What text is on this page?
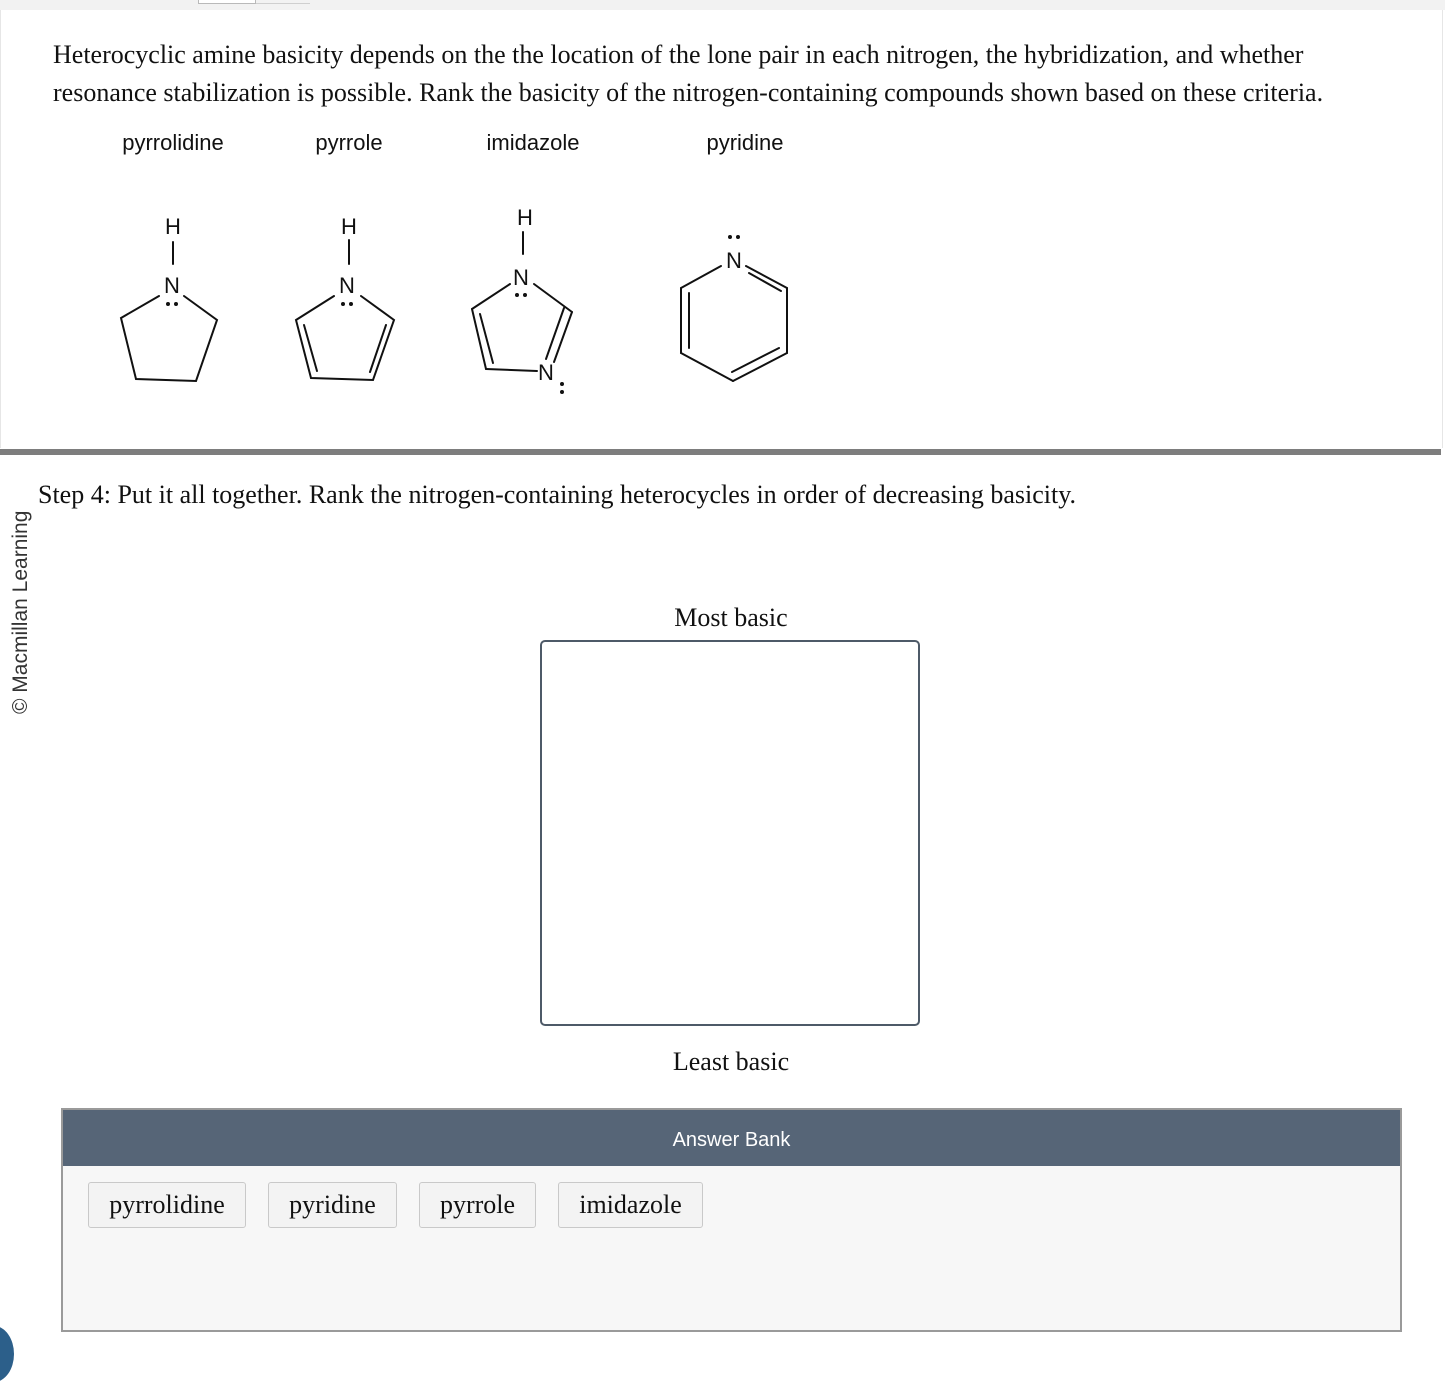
Heterocyclic amine basicity depends on the the location of the lone pair in each nitrogen, the hybridization, and whether resonance stabilization is possible. Rank the basicity of the nitrogen-containing compounds shown based on these criteria.

pyrrolidine	pyrrole	imidazole	pyridine
H
N
H
N
H
N
N
N
© Macmillan Learning

Step 4: Put it all together. Rank the nitrogen-containing heterocycles in order of decreasing basicity.

Most basic
Least basic
Answer Bank
pyrrolidine	pyridine	pyrrole	imidazole
